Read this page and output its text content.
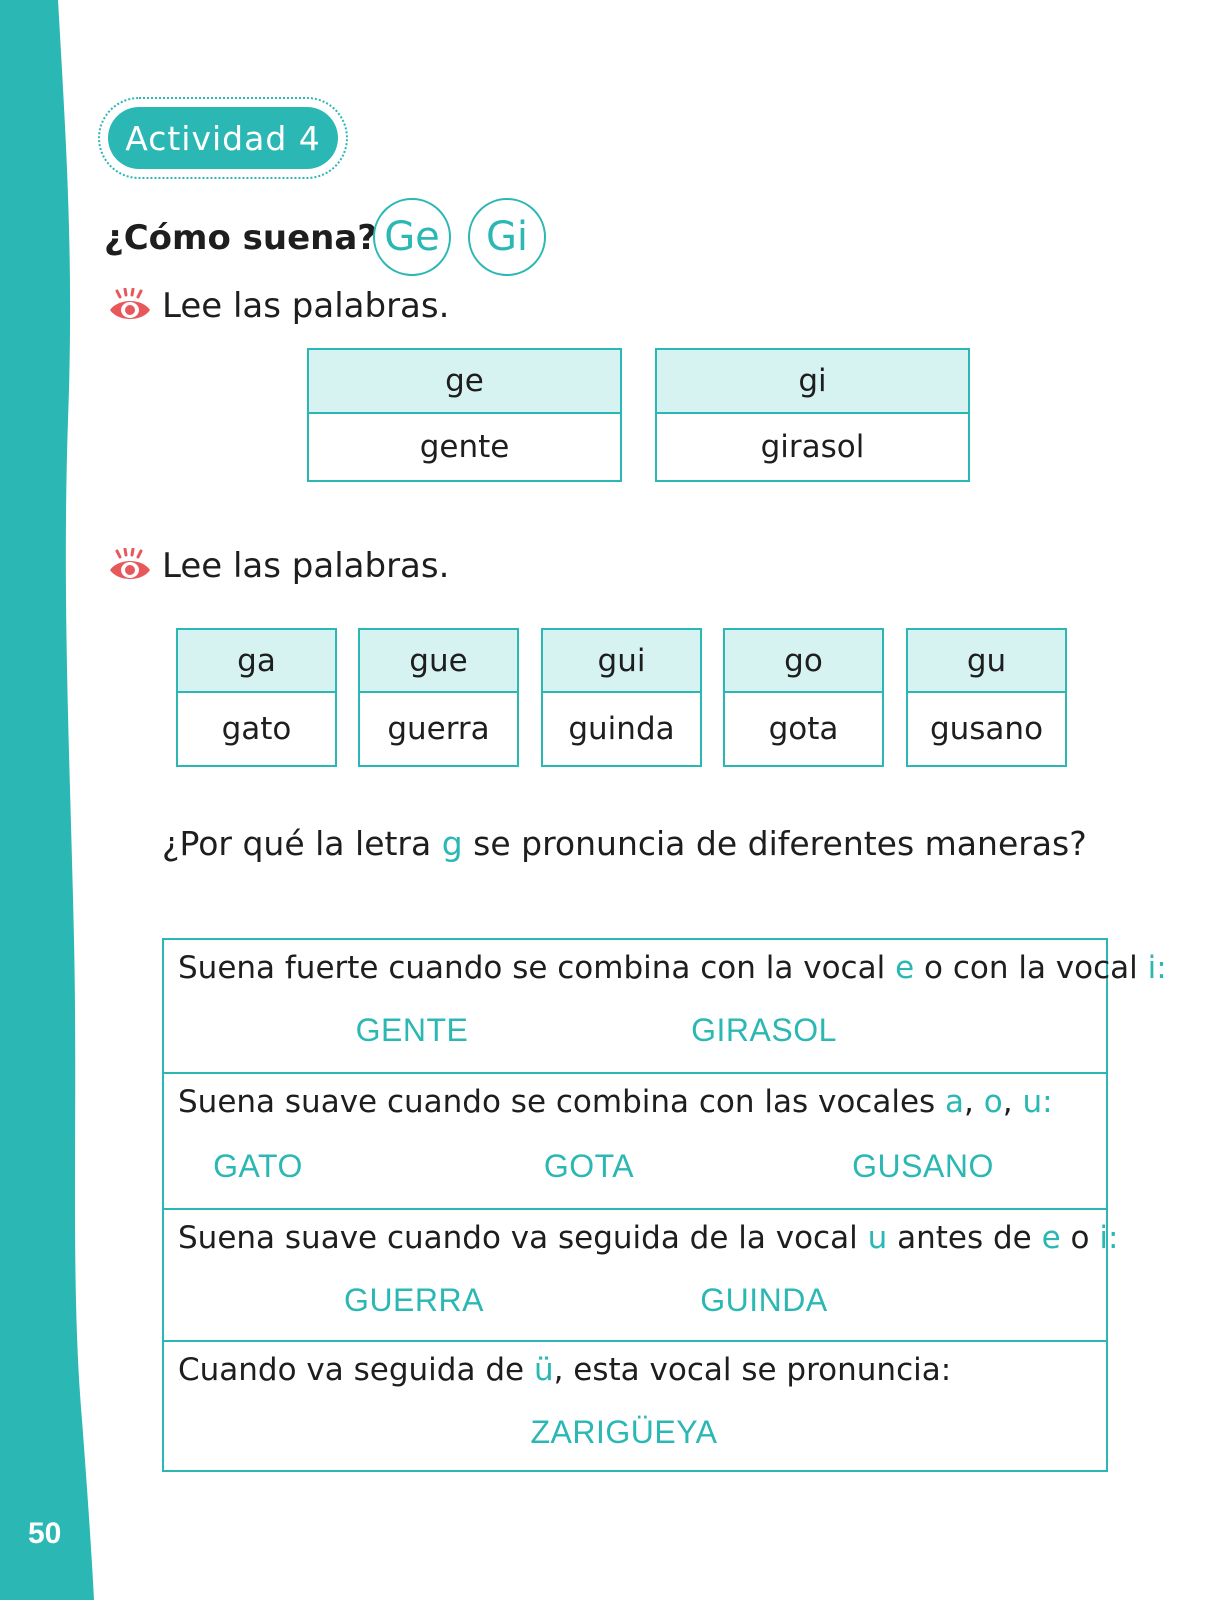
50
Actividad 4
¿Cómo suena? Ge	Gi
Lee las palabras.
ge
gente
gi
girasol
Lee las palabras.
ga
gato
gue
guerra
gui
guinda
go
gota
gu
gusano
¿Por qué la letra g se pronuncia de diferentes maneras?
Suena fuerte cuando se combina con la vocal e o con la vocal i:
GENTE	GIRASOL
Suena suave cuando se combina con las vocales a, o, u:
GATO	GOTA	GUSANO
Suena suave cuando va seguida de la vocal u antes de e o i:
GUERRA	GUINDA
Cuando va seguida de ü, esta vocal se pronuncia:
ZARIGÜEYA
